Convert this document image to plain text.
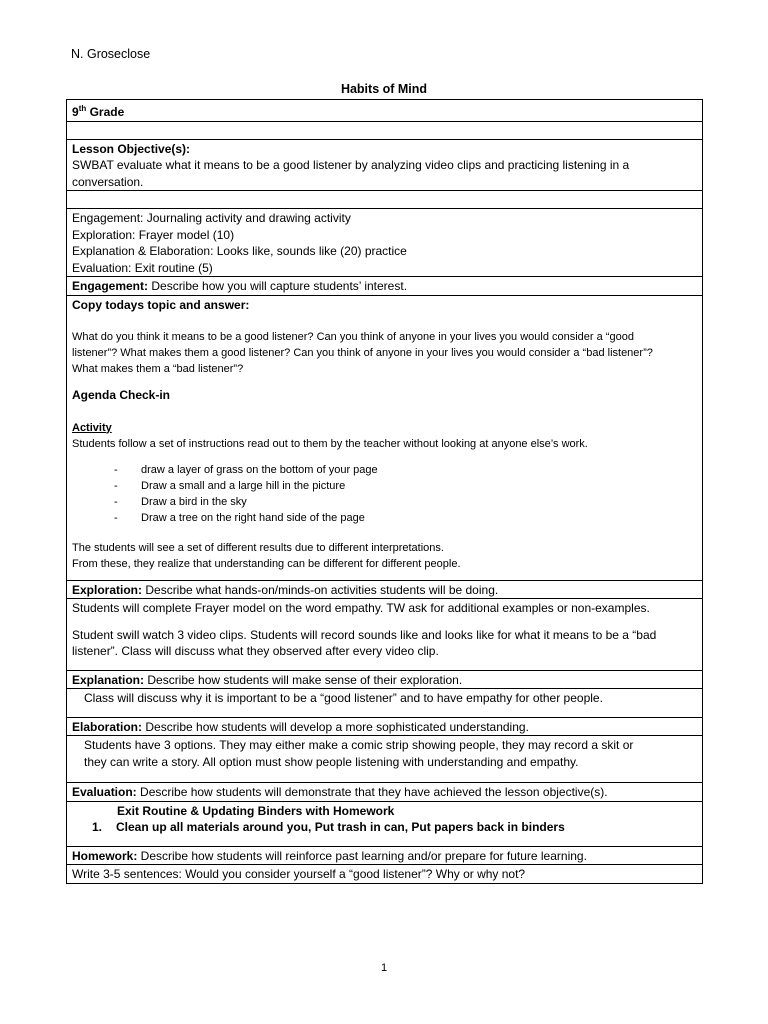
N. Groseclose
Habits of Mind
9th Grade

Lesson Objective(s):
SWBAT evaluate what it means to be a good listener by analyzing video clips and practicing listening in a
conversation.

Engagement: Journaling activity and drawing activity
Exploration: Frayer model (10)
Explanation & Elaboration: Looks like, sounds like (20) practice
Evaluation: Exit routine (5)

Engagement: Describe how you will capture students’ interest.

Copy todays topic and answer:
What do you think it means to be a good listener? Can you think of anyone in your lives you would consider a “good
listener”? What makes them a good listener? Can you think of anyone in your lives you would consider a “bad listener”?
What makes them a “bad listener”?
Agenda Check-in
Activity
Students follow a set of instructions read out to them by the teacher without looking at anyone else’s work.
- draw a layer of grass on the bottom of your page
- Draw a small and a large hill in the picture
- Draw a bird in the sky
- Draw a tree on the right hand side of the page
The students will see a set of different results due to different interpretations.
From these, they realize that understanding can be different for different people.

Exploration: Describe what hands-on/minds-on activities students will be doing.

Students will complete Frayer model on the word empathy. TW ask for additional examples or non-examples.
Student swill watch 3 video clips. Students will record sounds like and looks like for what it means to be a “bad
listener”. Class will discuss what they observed after every video clip.

Explanation: Describe how students will make sense of their exploration.

Class will discuss why it is important to be a “good listener” and to have empathy for other people.

Elaboration: Describe how students will develop a more sophisticated understanding.

Students have 3 options. They may either make a comic strip showing people, they may record a skit or
they can write a story. All option must show people listening with understanding and empathy.

Evaluation: Describe how students will demonstrate that they have achieved the lesson objective(s).

Exit Routine & Updating Binders with Homework
1. Clean up all materials around you, Put trash in can, Put papers back in binders

Homework: Describe how students will reinforce past learning and/or prepare for future learning.

Write 3-5 sentences: Would you consider yourself a “good listener”? Why or why not?
1
